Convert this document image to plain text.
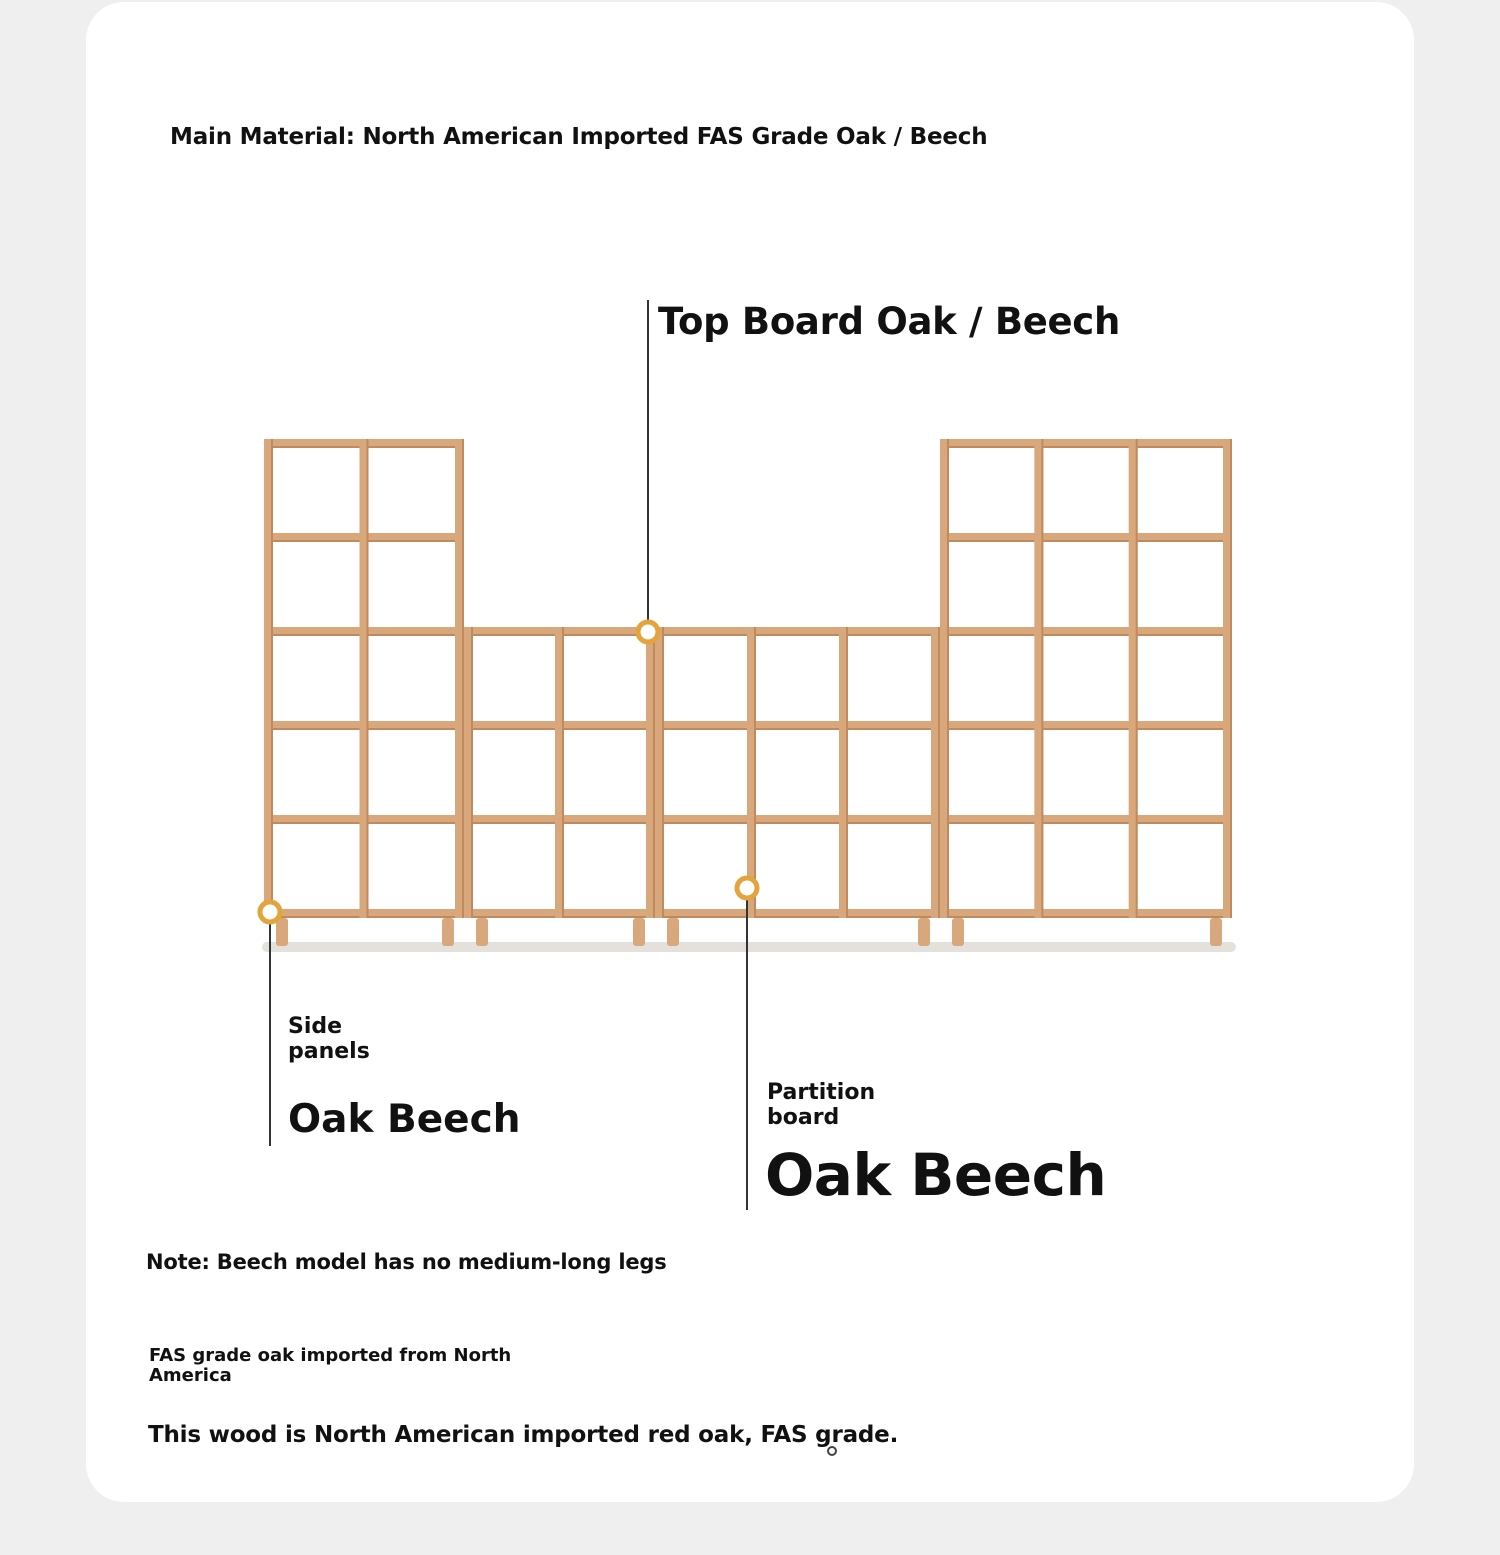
Main Material: North American Imported FAS Grade Oak / Beech
Top Board Oak / Beech
Side panels
Oak Beech
Partition board
Oak Beech
Note: Beech model has no medium-long legs
FAS grade oak imported from North America
This wood is North American imported red oak, FAS grade.
